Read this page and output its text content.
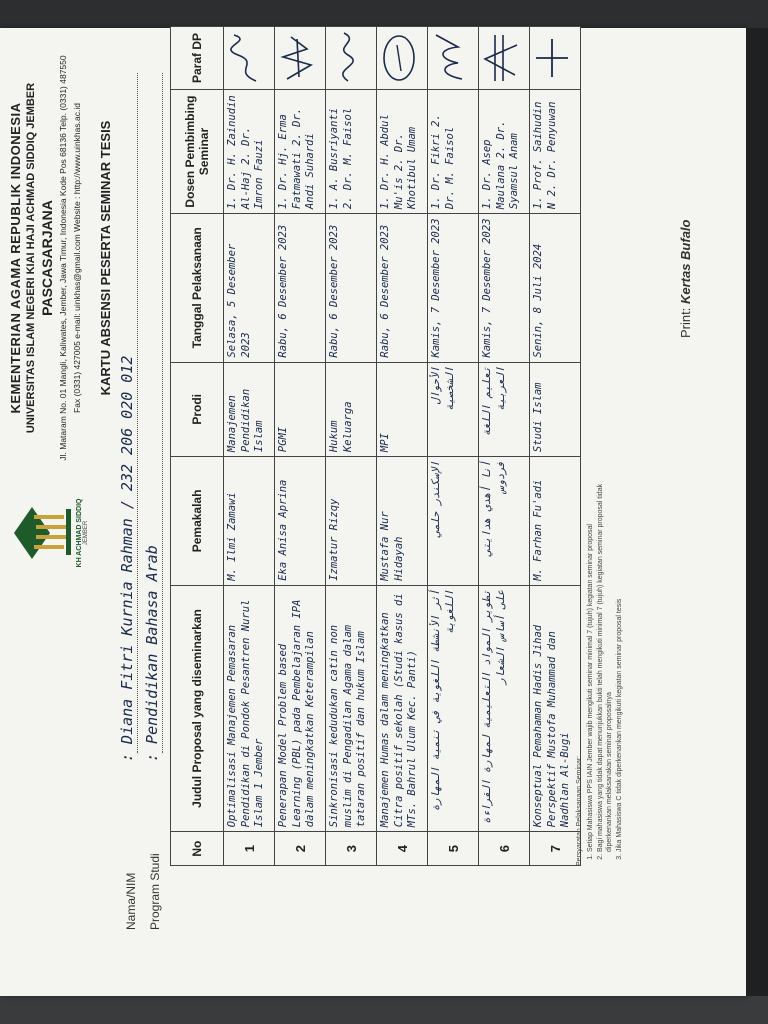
KH ACHMAD SIDDIQ JEMBER
KEMENTERIAN AGAMA REPUBLIK INDONESIA UNIVERSITAS ISLAM NEGERI KIAI HAJI ACHMAD SIDDIQ JEMBER PASCASARJANA Jl. Mataram No. 01 Mangli, Kaliwates, Jember, Jawa Timur, Indonesia Kode Pos 68136 Telp. (0331) 487550 Fax (0331) 427005 e-mail: uinkhas@gmail.com Website : http://www.uinkhas.ac.id KARTU ABSENSI PESERTA SEMINAR TESIS
Nama/NIM
: Diana Fitri Kurnia Rahman / 232 206 020 012
Program Studi
: Pendidikan Bahasa Arab
No	Judul Proposal yang diseminarkan	Pemakalah	Prodi	Tanggal Pelaksanaan	Dosen Pembimbing Seminar	Paraf DP
1	Optimalisasi Manajemen Pemasaran Pendidikan di Pondok Pesantren Nurul Islam 1 Jember	M. Ilmi Zamawi	Manajemen Pendidikan Islam	Selasa, 5 Desember 2023	1. Dr. H. Zainudin Al-Haj 2. Dr. Imron Fauzi	

2	Penerapan Model Problem based Learning (PBL) pada Pembelajaran IPA dalam meningkatkan Keterampilan	Eka Anisa Aprina	PGMI	Rabu, 6 Desember 2023	1. Dr. Hj. Erma Fatmawati 2. Dr. Andi Suhardi	

3	Sinkronisasi kedudukan catin non muslim di Pengadilan Agama dalam tataran positif dan hukum Islam	Izmatur Rizqy	Hukum Keluarga	Rabu, 6 Desember 2023	1. A. Busriyanti 2. Dr. M. Faisol	

4	Manajemen Humas dalam meningkatkan Citra positif sekolah (Studi kasus di MTs. Bahrul Ulum Kec. Panti)	Mustafa Nur Hidayah	MPI	Rabu, 6 Desember 2023	1. Dr. H. Abdul Mu'is 2. Dr. Khotibul Umam	

5	أثر الأنشطة اللغوية في تنمية المهارة اللغوية	الإسكندر حلمي	الأحوال الشخصية	Kamis, 7 Desember 2023	1. Dr. Fikri 2. Dr. M. Faisol	

6	تطوير المواد التعليمية لمهارة القراءة على أساس الشعار	أنا أهدي هدايتي فردوس	تعليم اللغة العربية	Kamis, 7 Desember 2023	1. Dr. Asep Maulana 2. Dr. Syamsul Anam	

7	Konseptual Pemahaman Hadis Jihad Perspektif Mustofa Muhammad dan Nadhlan Al-Bugi	M. Farhan Fu'adi	Studi Islam	Senin, 8 Juli 2024	1. Prof. Saihudin N 2. Dr. Penyuwan	
Persyaratan Pelaksanaan Seminar: 1. Setiap Mahasiswa PPS IAIN Jember wajib mengikuti seminar minimal 7 (tujuh) kegiatan seminar proposal 2. Bagi mahasiswa yang tidak dapat menunjukkan bukti telah mengikuti minimal 7 (tujuh) kegiatan seminar proposal tidak diperkenankan melaksanakan seminar proposalnya 3. Jika Mahasiswa C tidak diperkenankan mengikuti kegiatan seminar proposal tesis
Print: Kertas Bufalo
